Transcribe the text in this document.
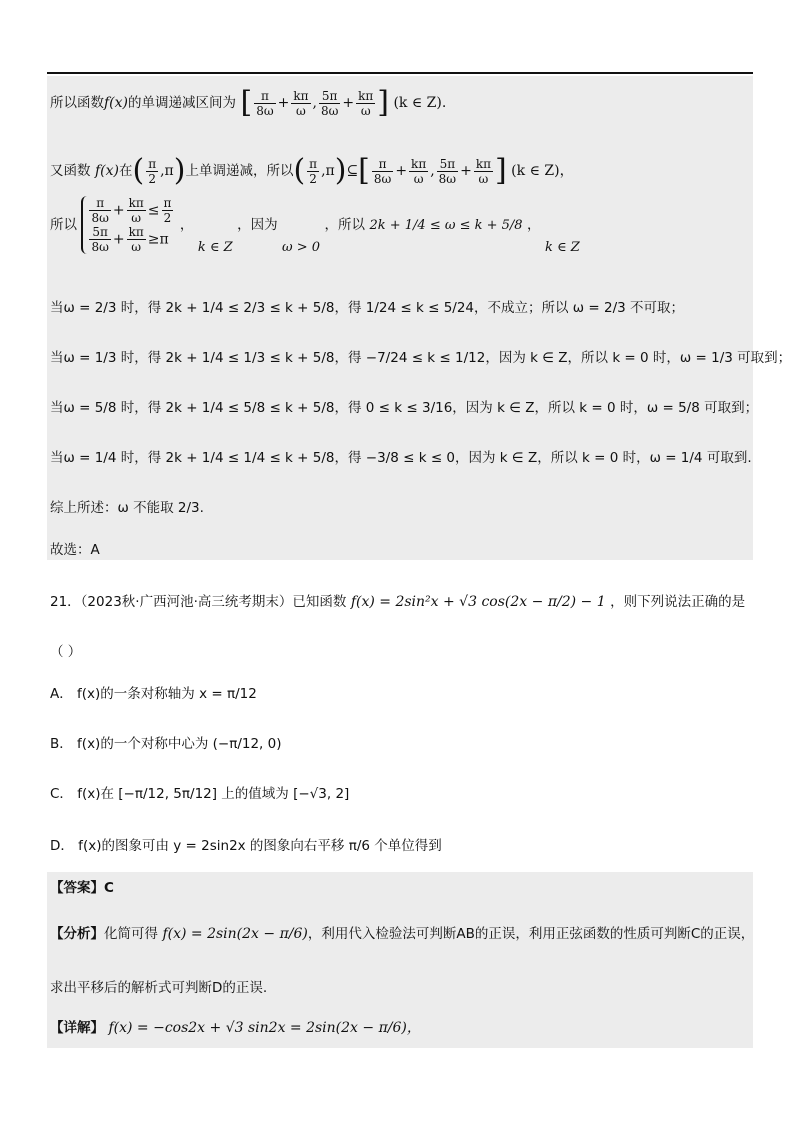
所以函数f(x)的单调递减区间为 [ $\frac{\pi}{8\omega} + \frac{k\pi}{\omega}$ , $\frac{5\pi}{8\omega} + \frac{k\pi}{\omega}$ ] (k ∈ Z).
又函数 f(x)在( $\frac{\pi}{2} ,\pi$)上单调递减，所以( $\frac{\pi}{2}$ ,π)⊆[ $\frac{\pi}{8\omega} + \frac{k\pi}{\omega}$ , $\frac{5\pi}{8\omega} + \frac{k\pi}{\omega}$ ] (k ∈ Z)，
所以 $\frac{\pi}{8\omega} + \frac{k\pi}{\omega} \le \frac{\pi}{2}$
$\frac{5\pi}{8\omega} + \frac{k\pi}{\omega} \ge\pi$
， k ∈ Z ，因为 ω > 0 ，所以 2k + 1/4 ≤ ω ≤ k + 5/8 ， k ∈ Z
当ω = 2/3 时，得 2k + 1/4 ≤ 2/3 ≤ k + 5/8，得 1/24 ≤ k ≤ 5/24，不成立；所以 ω = 2/3 不可取；
当ω = 1/3 时，得 2k + 1/4 ≤ 1/3 ≤ k + 5/8，得 −7/24 ≤ k ≤ 1/12，因为 k ∈ Z，所以 k = 0 时，ω = 1/3 可取到；
当ω = 5/8 时，得 2k + 1/4 ≤ 5/8 ≤ k + 5/8，得 0 ≤ k ≤ 3/16，因为 k ∈ Z，所以 k = 0 时，ω = 5/8 可取到；
当ω = 1/4 时，得 2k + 1/4 ≤ 1/4 ≤ k + 5/8，得 −3/8 ≤ k ≤ 0，因为 k ∈ Z，所以 k = 0 时，ω = 1/4 可取到.
综上所述：ω 不能取 2/3.
故选：A
21．（2023秋·广西河池·高三统考期末）已知函数 f(x) = 2sin²x + √3 cos(2x − π/2) − 1 ，则下列说法正确的是
（ ）
A． f(x)的一条对称轴为 x = π/12
B． f(x)的一个对称中心为 (−π/12, 0)
C． f(x)在 [−π/12, 5π/12] 上的值域为 [−√3, 2]
D． f(x)的图象可由 y = 2sin2x 的图象向右平移 π/6 个单位得到
【答案】C
【分析】化简可得 f(x) = 2sin(2x − π/6)，利用代入检验法可判断AB的正误，利用正弦函数的性质可判断C的正误，
求出平移后的解析式可判断D的正误.
【详解】 f(x) = −cos2x + √3 sin2x = 2sin(2x − π/6)，
